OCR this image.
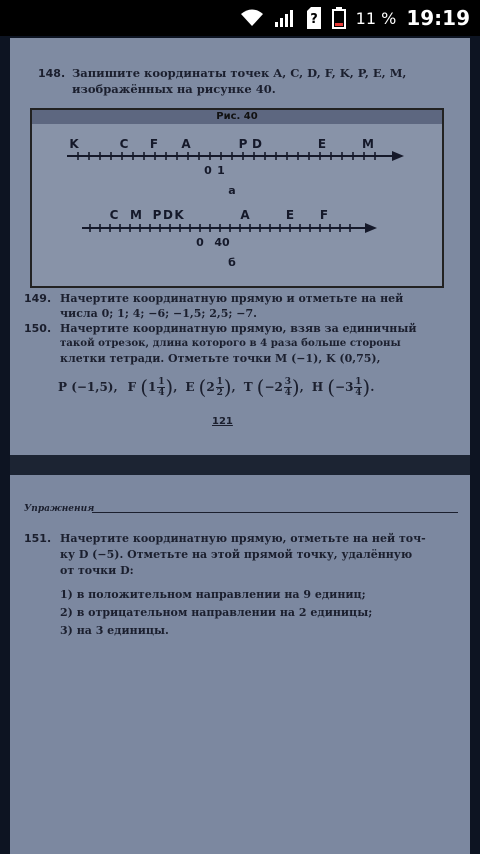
? 11 % 19:19
148. Запишите координаты точек A, C, D, F, K, P, E, M,
изображённых на рисунке 40.
Рис. 40
K	C F A	P D	E	M
0 1
а
C M P D K	A	E F
0 40
б
149. Начертите координатную прямую и отметьте на ней
числа 0; 1; 4; −6; −1,5; 2,5; −7.
150. Начертите координатную прямую, взяв за единичный
такой отрезок, длина которого в 4 раза больше стороны
клетки тетради. Отметьте точки M (−1), K (0,75),
P (−1,5), F ( $1 \frac{1}{4}$ ) , E ( $2 \frac{1}{2}$ ) , T ( $-2 \frac{3}{4}$ ) , H ( $-3 \frac{1}{4}$ ) .
121
Упражнения
151. Начертите координатную прямую, отметьте на ней точ-
ку D (−5). Отметьте на этой прямой точку, удалённую
от точки D:
1) в положительном направлении на 9 единиц;
2) в отрицательном направлении на 2 единицы;
3) на 3 единицы.
